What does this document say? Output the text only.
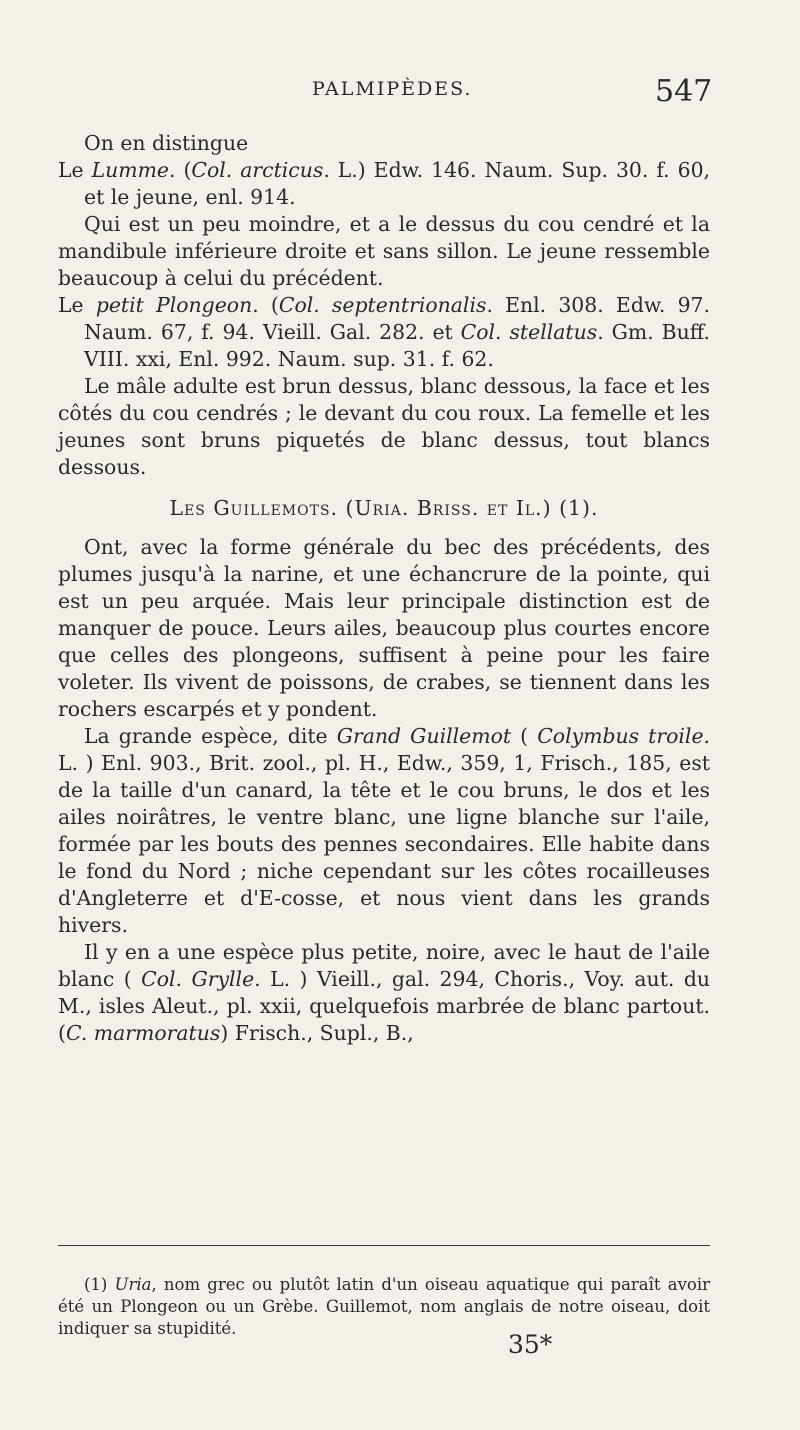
PALMIPÈDES.	547

On en distingue

Le Lumme. (Col. arcticus. L.) Edw. 146. Naum. Sup. 30. f. 60, et le jeune, enl. 914.

Qui est un peu moindre, et a le dessus du cou cendré et la mandibule inférieure droite et sans sillon. Le jeune ressemble beaucoup à celui du précédent.

Le petit Plongeon. (Col. septentrionalis. Enl. 308. Edw. 97. Naum. 67, f. 94. Vieill. Gal. 282. et Col. stellatus. Gm. Buff. VIII. xxi, Enl. 992. Naum. sup. 31. f. 62.

Le mâle adulte est brun dessus, blanc dessous, la face et les côtés du cou cendrés ; le devant du cou roux. La femelle et les jeunes sont bruns piquetés de blanc dessus, tout blancs dessous.

Les Guillemots. (Uria. Briss. et Il.) (1).

Ont, avec la forme générale du bec des précédents, des plumes jusqu'à la narine, et une échancrure de la pointe, qui est un peu arquée. Mais leur principale distinction est de manquer de pouce. Leurs ailes, beaucoup plus courtes encore que celles des plongeons, suffisent à peine pour les faire voleter. Ils vivent de poissons, de crabes, se tiennent dans les rochers escarpés et y pondent.

La grande espèce, dite Grand Guillemot ( Colymbus troile. L. ) Enl. 903., Brit. zool., pl. H., Edw., 359, 1, Frisch., 185, est de la taille d'un canard, la tête et le cou bruns, le dos et les ailes noirâtres, le ventre blanc, une ligne blanche sur l'aile, formée par les bouts des pennes secondaires. Elle habite dans le fond du Nord ; niche cependant sur les côtes rocailleuses d'Angleterre et d'E-cosse, et nous vient dans les grands hivers.

Il y en a une espèce plus petite, noire, avec le haut de l'aile blanc ( Col. Grylle. L. ) Vieill., gal. 294, Choris., Voy. aut. du M., isles Aleut., pl. xxii, quelquefois marbrée de blanc partout. (C. marmoratus) Frisch., Supl., B.,

(1) Uria, nom grec ou plutôt latin d'un oiseau aquatique qui paraît avoir été un Plongeon ou un Grèbe. Guillemot, nom anglais de notre oiseau, doit indiquer sa stupidité.

35*
